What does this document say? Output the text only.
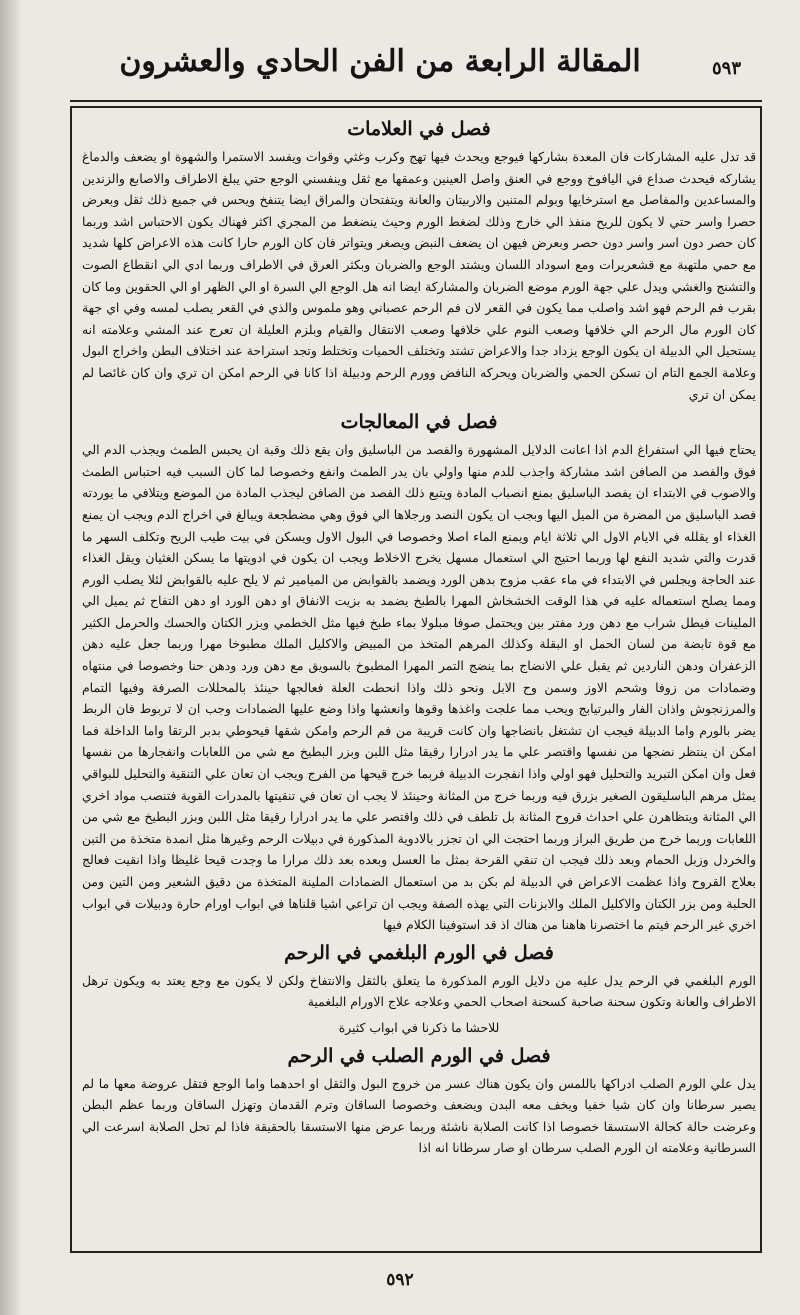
٥٩٣
المقالة الرابعة من الفن الحادي والعشرون
فصل في العلامات

قد تدل عليه المشاركات فان المعدة بشاركها فيوجع ويحدث فيها تهج وكرب وغثي وقوات ويفسد الاستمرا والشهوة او يضعف والدماغ يشاركه فيحدث صداع في اليافوخ ووجع في العنق واصل العينين وعمقها مع ثقل وينفسني الوجع حتي يبلغ الاطراف والاصابع والزندين والمساعدين والمفاصل مع استرخايها وبولم المتنين والاربيتان والعانة ويتفتحان والمراق ايضا يتنفخ ويحس في جميع ذلك ثقل وبعرض حصرا واسر حتي لا يكون للريح منفذ الي خارج وذلك لضغط الورم وحيث ينضغط من المجري اكثر فهناك يكون الاحتباس اشد وربما كان حصر دون اسر واسر دون حصر وبعرض فيهن ان يضعف النبض ويصغر ويتواتر فان كان الورم حارا كانت هذه الاعراض كلها شديد مع حمي ملتهبة مع قشعريرات ومع اسوداد اللسان ويشتد الوجع والضربان وبكثر العرق في الاطراف وربما ادي الي انقطاع الصوت والتشنج والغشي ويدل علي جهة الورم موضع الضربان والمشاركة ايضا انه هل الوجع الي السرة او الي الظهر او الي الحقوين وما كان بقرب فم الرحم فهو اشد واصلب مما يكون في القعر لان فم الرحم عصباني وهو ملموس والذي في القعر يصلب لمسه وفي اي جهة كان الورم مال الرحم الي خلافها وصعب النوم علي خلافها وصعب الانتقال والقيام وبلزم العليلة ان تعرج عند المشي وعلامته انه يستحيل الي الدبيلة ان يكون الوجع يزداد جدا والاعراض تشتد وتختلف الحميات وتختلط وتجد استراحة عند اختلاف البطن واخراج البول وعلامة الجمع التام ان تسكن الحمي والضربان ويحركه النافض وورم الرحم ودبيلة اذا كانا في الرحم امكن ان تري وان كان غائصا لم يمكن ان تري

فصل في المعالجات

يحتاج فيها الي استفراغ الدم اذا اعانت الدلايل المشهورة والفصد من الباسليق وان يقع ذلك وقبة ان يحبس الطمث ويجذب الدم الي فوق والفصد من الصافن اشد مشاركة واجذب للدم منها واولي بان يدر الطمث وانفع وخصوصا لما كان السبب فيه احتباس الطمث والاصوب في الابتداء ان يفصد الباسليق بمنع انصباب المادة ويتبع ذلك الفصد من الصافن ليجذب المادة من الموضع ويتلافي ما يوردته فصد الباسليق من المضرة من الميل اليها وبجب ان يكون النصد ورجلاها الي فوق وهي مضطجعة ويبالغ في اخراج الدم ويجب ان يمنع الغذاء او يقلله في الايام الاول الي ثلاثة ايام ويمنع الماء اصلا وخصوصا في البول الاول ويسكن في بيت طيب الريح وتكلف السهر ما قدرت والتي شديد النفع لها وربما احتيج الي استعمال مسهل يخرج الاخلاط ويجب ان يكون في ادويتها ما يسكن الغثيان ويقل الغذاء عند الحاجة ويجلس في الابتداء في ماء عقب مزوج بدهن الورد ويضمد بالقوابض من الميامير ثم لا يلح عليه بالقوابض لئلا يصلب الورم ومما يصلح استعماله عليه في هذا الوقت الخشخاش المهرا بالطبخ يضمد به بزيت الانفاق او دهن الورد او دهن التفاح ثم يميل الي الملينات فيطل شراب مع دهن ورد مفتر بين ويحتمل صوفا مبلولا بماء طبخ فيها مثل الخطمي وبزر الكتان والحسك والحرمل الكثير مع قوة تابضة من لسان الحمل او البقلة وكذلك المرهم المتخذ من المبيض والاكليل الملك مطبوخا مهرا وربما جعل عليه دهن الزعفران ودهن الناردين ثم يقبل علي الانضاج بما ينضج التمر المهرا المطبوخ بالسويق مع دهن ورد ودهن حنا وخصوصا في منتهاه وضمادات من زوفا وشحم الاوز وسمن وح الابل ونحو ذلك واذا انحطت العلة فعالجها حينئذ بالمحللات الصرفة وفيها التمام والمرزنجوش واذان الفار والبرتيابج ويحب مما علجت واغذها وقوها وانعشها واذا وضع عليها الضمادات وجب ان لا تربوط فان الربط يضر بالورم واما الدبيلة فيجب ان تشتغل بانضاجها وان كانت قريبة من فم الرحم وامكن شقها فيحوطي بدبر الرتقا واما الداخلة فما امكن ان ينتظر نضجها من نفسها واقتصر علي ما يدر ادرارا رقيقا مثل اللبن وبزر البطيخ مع شي من اللعابات وانفجارها من نفسها فعل وان امكن التبريد والتحليل فهو اولي واذا انفجرت الدبيلة فربما خرج قيحها من الفرج ويجب ان تعان علي التنقية والتحليل للبواقي يمثل مرهم الباسليقون الصغير بزرق فيه وربما خرج من المثانة وحينئذ لا يجب ان تعان في تنقيتها بالمدرات القوية فتنصب مواد اخري الي المثانة ويتظاهرن علي احداث قروح المثانة بل تلطف في ذلك واقتصر علي ما يدر ادرارا رقيقا مثل اللبن وبزر البطيخ مع شي من اللعابات وربما خرج من طريق البراز وربما احتجت الي ان تجزر بالادوية المذكورة في دبيلات الرحم وغيرها مثل انمدة متخذة من التبن والخردل وزبل الحمام وبعد ذلك فيجب ان تنقي القرحة بمثل ما العسل وبعده بعد ذلك مرارا ما وجدت قيحا غليظا واذا انقيت فعالج بعلاج القروح واذا عظمت الاعراض في الدبيلة لم بكن بد من استعمال الضمادات الملينة المتخذة من دقيق الشعير ومن التين ومن الحلبة ومن بزر الكتان والاكليل الملك والابزنات التي يهذه الصفة ويجب ان تراعي اشيا قلناها في ابواب اورام حارة ودبيلات في ابواب اخري غير الرحم فيتم ما اختصرنا هاهنا من هناك اذ قد استوفينا الكلام فيها

فصل في الورم البلغمي في الرحم

الورم البلغمي في الرحم يدل عليه من دلايل الورم المذكورة ما يتعلق بالثقل والانتفاخ ولكن لا يكون مع وجع يعتد به ويكون ترهل الاطراف والعانة وتكون سحنة صاحبة كسحنة اصحاب الحمي وعلاجه علاج الاورام البلغمية

للاحشا ما ذكرنا في ابواب كثيرة

فصل في الورم الصلب في الرحم

يدل علي الورم الصلب ادراكها باللمس وان يكون هناك عسر من خروج البول والثقل او احدهما واما الوجع فتقل عروضة معها ما لم يصير سرطانا وان كان شيا خفيا ويخف معه البدن ويضعف وخصوصا الساقان وترم القدمان وتهزل الساقان وربما عظم البطن وعرضت حالة كحالة الاستسقا خصوصا اذا كانت الصلابة ناشئة وربما عرض منها الاستسقا بالحقيقة فاذا لم تحل الصلابة اسرعت الي السرطانية وعلامته ان الورم الصلب سرطان او صار سرطانا انه اذا

٥٩٢
